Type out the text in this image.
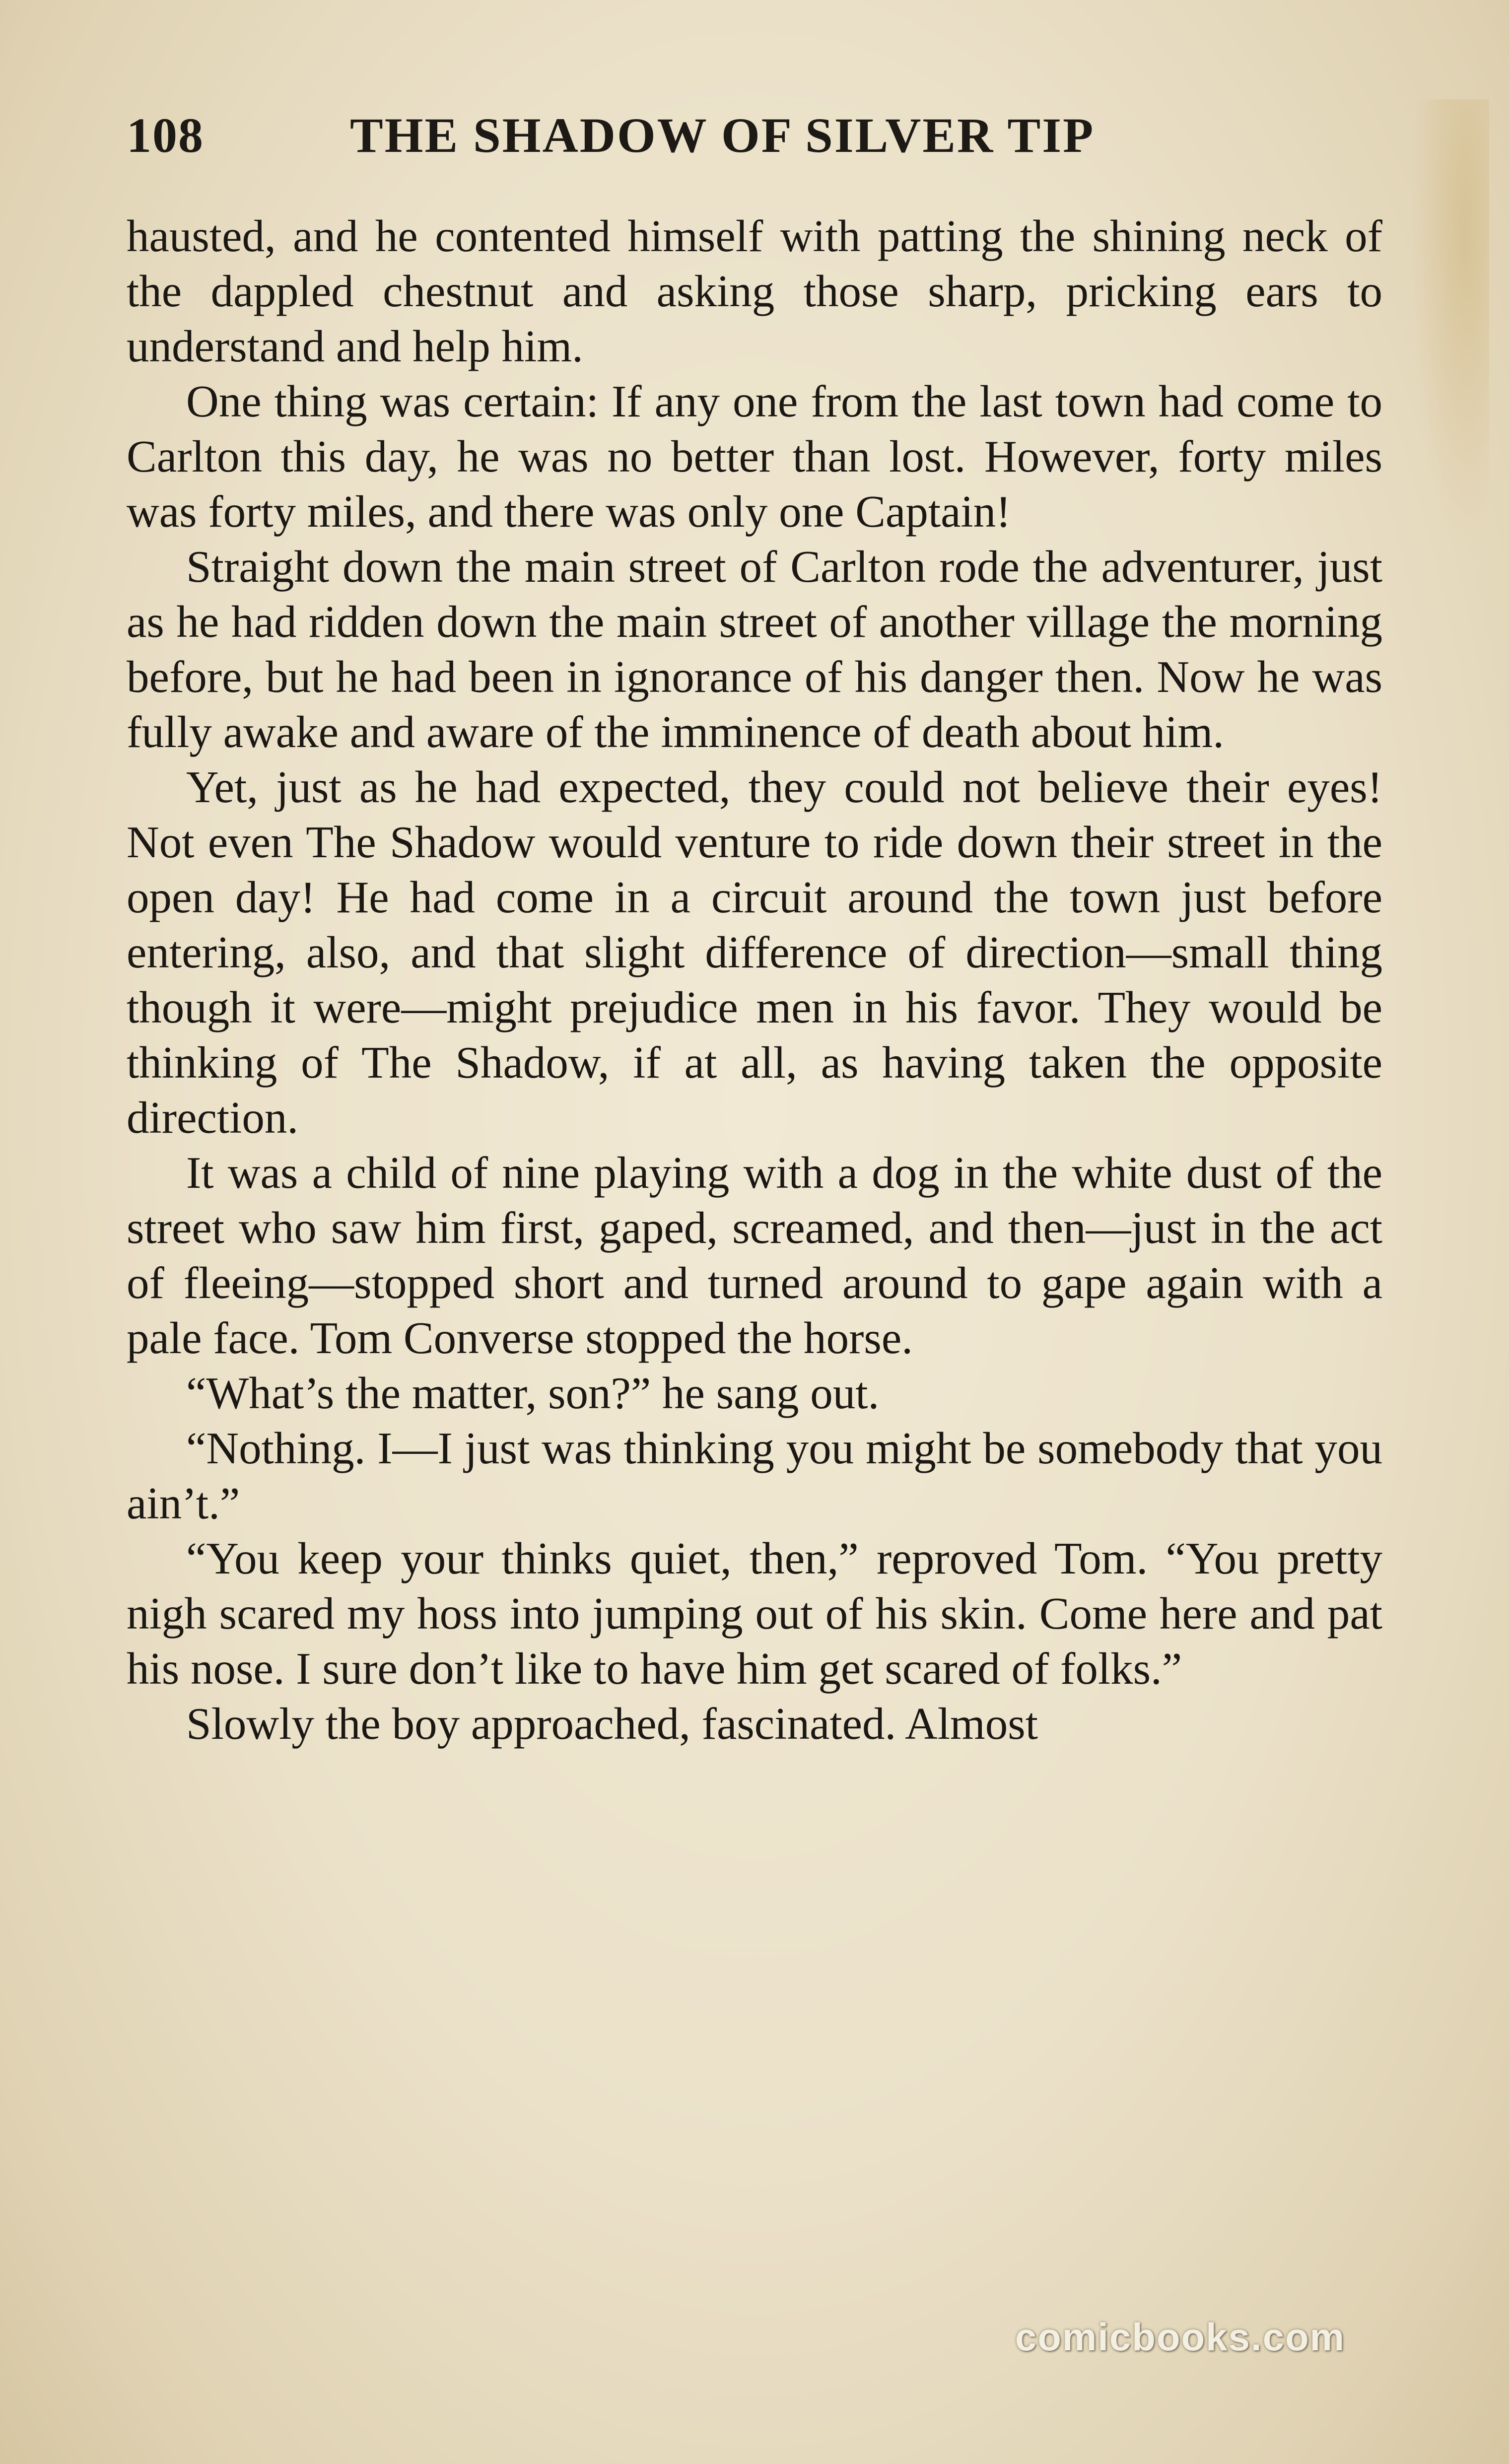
108	THE SHADOW OF SILVER TIP

hausted, and he contented himself with patting the shining neck of the dappled chestnut and asking those sharp, pricking ears to understand and help him.

One thing was certain: If any one from the last town had come to Carlton this day, he was no better than lost. However, forty miles was forty miles, and there was only one Captain!

Straight down the main street of Carlton rode the adventurer, just as he had ridden down the main street of another village the morning before, but he had been in ignorance of his danger then. Now he was fully awake and aware of the imminence of death about him.

Yet, just as he had expected, they could not believe their eyes! Not even The Shadow would venture to ride down their street in the open day! He had come in a circuit around the town just before entering, also, and that slight difference of direction—small thing though it were—might prejudice men in his favor. They would be thinking of The Shadow, if at all, as having taken the opposite direction.

It was a child of nine playing with a dog in the white dust of the street who saw him first, gaped, screamed, and then—just in the act of fleeing—stopped short and turned around to gape again with a pale face. Tom Converse stopped the horse.

“What’s the matter, son?” he sang out.

“Nothing. I—I just was thinking you might be somebody that you ain’t.”

“You keep your thinks quiet, then,” reproved Tom. “You pretty nigh scared my hoss into jumping out of his skin. Come here and pat his nose. I sure don’t like to have him get scared of folks.”

Slowly the boy approached, fascinated. Almost

comicbooks.com
